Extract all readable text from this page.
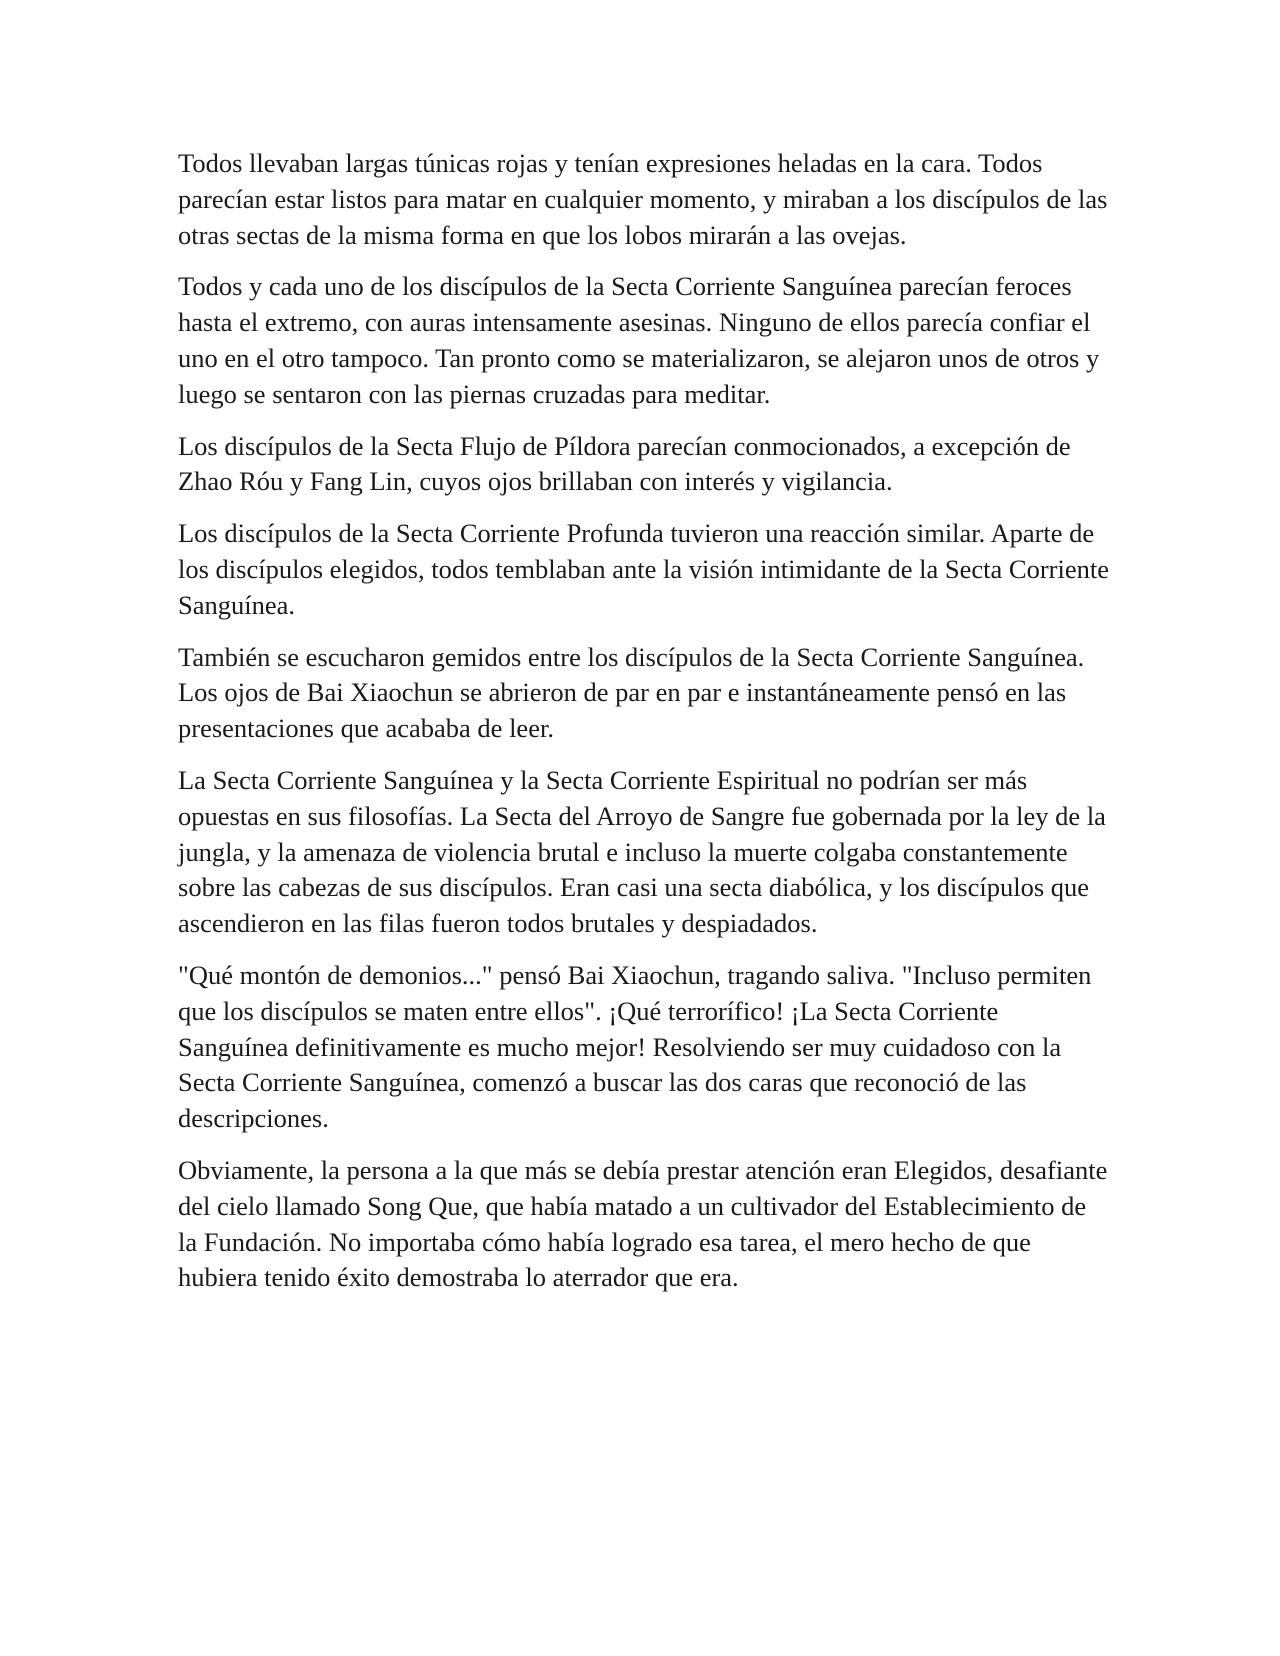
Todos llevaban largas túnicas rojas y tenían expresiones heladas en la cara. Todos parecían estar listos para matar en cualquier momento, y miraban a los discípulos de las otras sectas de la misma forma en que los lobos mirarán a las ovejas.

Todos y cada uno de los discípulos de la Secta Corriente Sanguínea parecían feroces hasta el extremo, con auras intensamente asesinas. Ninguno de ellos parecía confiar el uno en el otro tampoco. Tan pronto como se materializaron, se alejaron unos de otros y luego se sentaron con las piernas cruzadas para meditar.

Los discípulos de la Secta Flujo de Píldora parecían conmocionados, a excepción de Zhao Róu y Fang Lin, cuyos ojos brillaban con interés y vigilancia.

Los discípulos de la Secta Corriente Profunda tuvieron una reacción similar. Aparte de los discípulos elegidos, todos temblaban ante la visión intimidante de la Secta Corriente Sanguínea.

También se escucharon gemidos entre los discípulos de la Secta Corriente Sanguínea. Los ojos de Bai Xiaochun se abrieron de par en par e instantáneamente pensó en las presentaciones que acababa de leer.

La Secta Corriente Sanguínea y la Secta Corriente Espiritual no podrían ser más opuestas en sus filosofías. La Secta del Arroyo de Sangre fue gobernada por la ley de la jungla, y la amenaza de violencia brutal e incluso la muerte colgaba constantemente sobre las cabezas de sus discípulos. Eran casi una secta diabólica, y los discípulos que ascendieron en las filas fueron todos brutales y despiadados.

"Qué montón de demonios..." pensó Bai Xiaochun, tragando saliva. "Incluso permiten que los discípulos se maten entre ellos". ¡Qué terrorífico! ¡La Secta Corriente Sanguínea definitivamente es mucho mejor! Resolviendo ser muy cuidadoso con la Secta Corriente Sanguínea, comenzó a buscar las dos caras que reconoció de las descripciones.

Obviamente, la persona a la que más se debía prestar atención eran Elegidos, desafiante del cielo llamado Song Que, que había matado a un cultivador del Establecimiento de la Fundación. No importaba cómo había logrado esa tarea, el mero hecho de que hubiera tenido éxito demostraba lo aterrador que era.
